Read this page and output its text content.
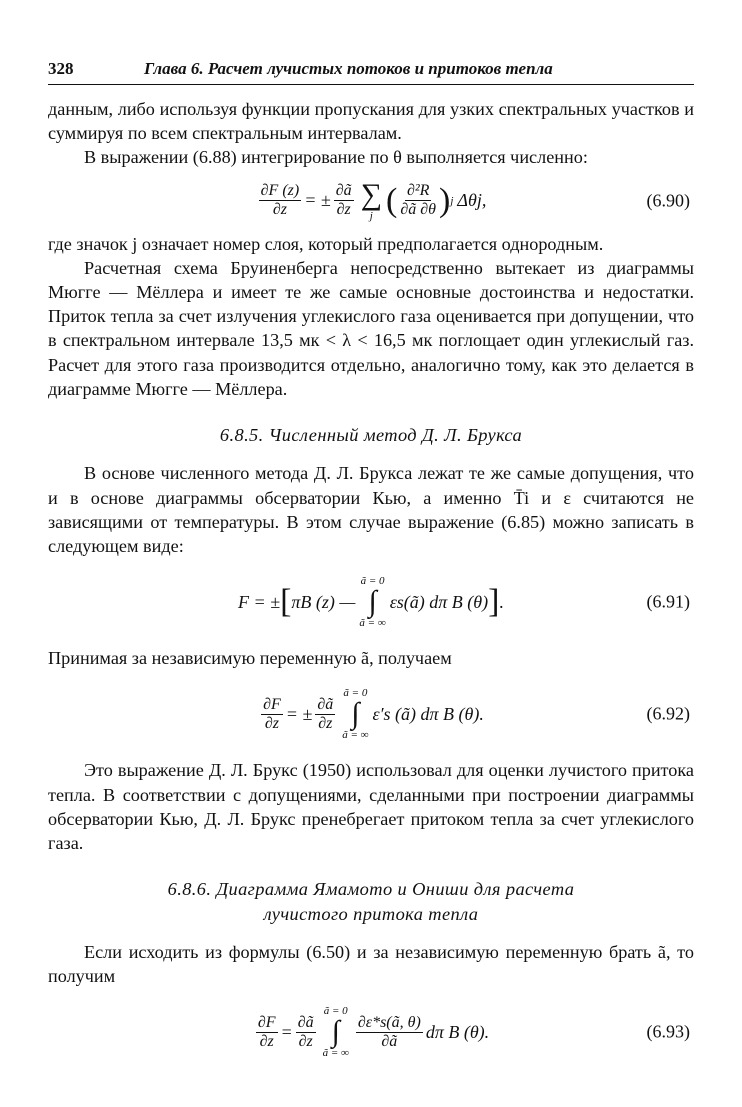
328	Глава 6. Расчет лучистых потоков и притоков тепла

данным, либо используя функции пропускания для узких спектральных участков и суммируя по всем спектральным интервалам.

В выражении (6.88) интегрирование по θ выполняется численно:

$\frac{\partial F (z)}{\partial z}$ = ± $\frac{\partial ã}{\partial z}$ ∑
j ( $\frac{\text{∂²R}}{\partial ã \partial\theta}$ ) j Δθj,	(6.90)

где значок j означает номер слоя, который предполагается однородным.

Расчетная схема Бруиненберга непосредственно вытекает из диаграммы Мюгге — Мёллера и имеет те же самые основные достоинства и недостатки. Приток тепла за счет излучения углекислого газа оценивается при допущении, что в спектральном интервале 13,5 мк < λ < 16,5 мк поглощает один углекислый газ. Расчет для этого газа производится отдельно, аналогично тому, как это делается в диаграмме Мюгге — Мёллера.

6.8.5. Численный метод Д. Л. Брукса

В основе численного метода Д. Л. Брукса лежат те же самые допущения, что и в основе диаграммы обсерватории Кью, а именно T̄i и ε считаются не зависящими от температуры. В этом случае выражение (6.85) можно записать в следующем виде:

F = ± [ πB (z) —
ã = 0
∫
ã = ∞
εs(ã) dπ B (θ) ] .	(6.91)

Принимая за независимую переменную ã, получаем

$\frac{\partial F}{\partial z}$ = ± $\frac{\partial ã}{\partial z}$
ã = 0
∫
ã = ∞
ε′s (ã) dπ B (θ).	(6.92)

Это выражение Д. Л. Брукс (1950) использовал для оценки лучистого притока тепла. В соответствии с допущениями, сделанными при построении диаграммы обсерватории Кью, Д. Л. Брукс пренебрегает притоком тепла за счет углекислого газа.

6.8.6. Диаграмма Ямамото и Ониши для расчета
лучистого притока тепла

Если исходить из формулы (6.50) и за независимую переменную брать ã, то получим

$\frac{\partial F}{\partial z} = \frac{\partial ã}{\partial z}$
ã = 0
∫
ã = ∞
$\frac{\partial\varepsilon*s(ã, \theta)}{\partial ã}$ dπ B (θ).	(6.93)
